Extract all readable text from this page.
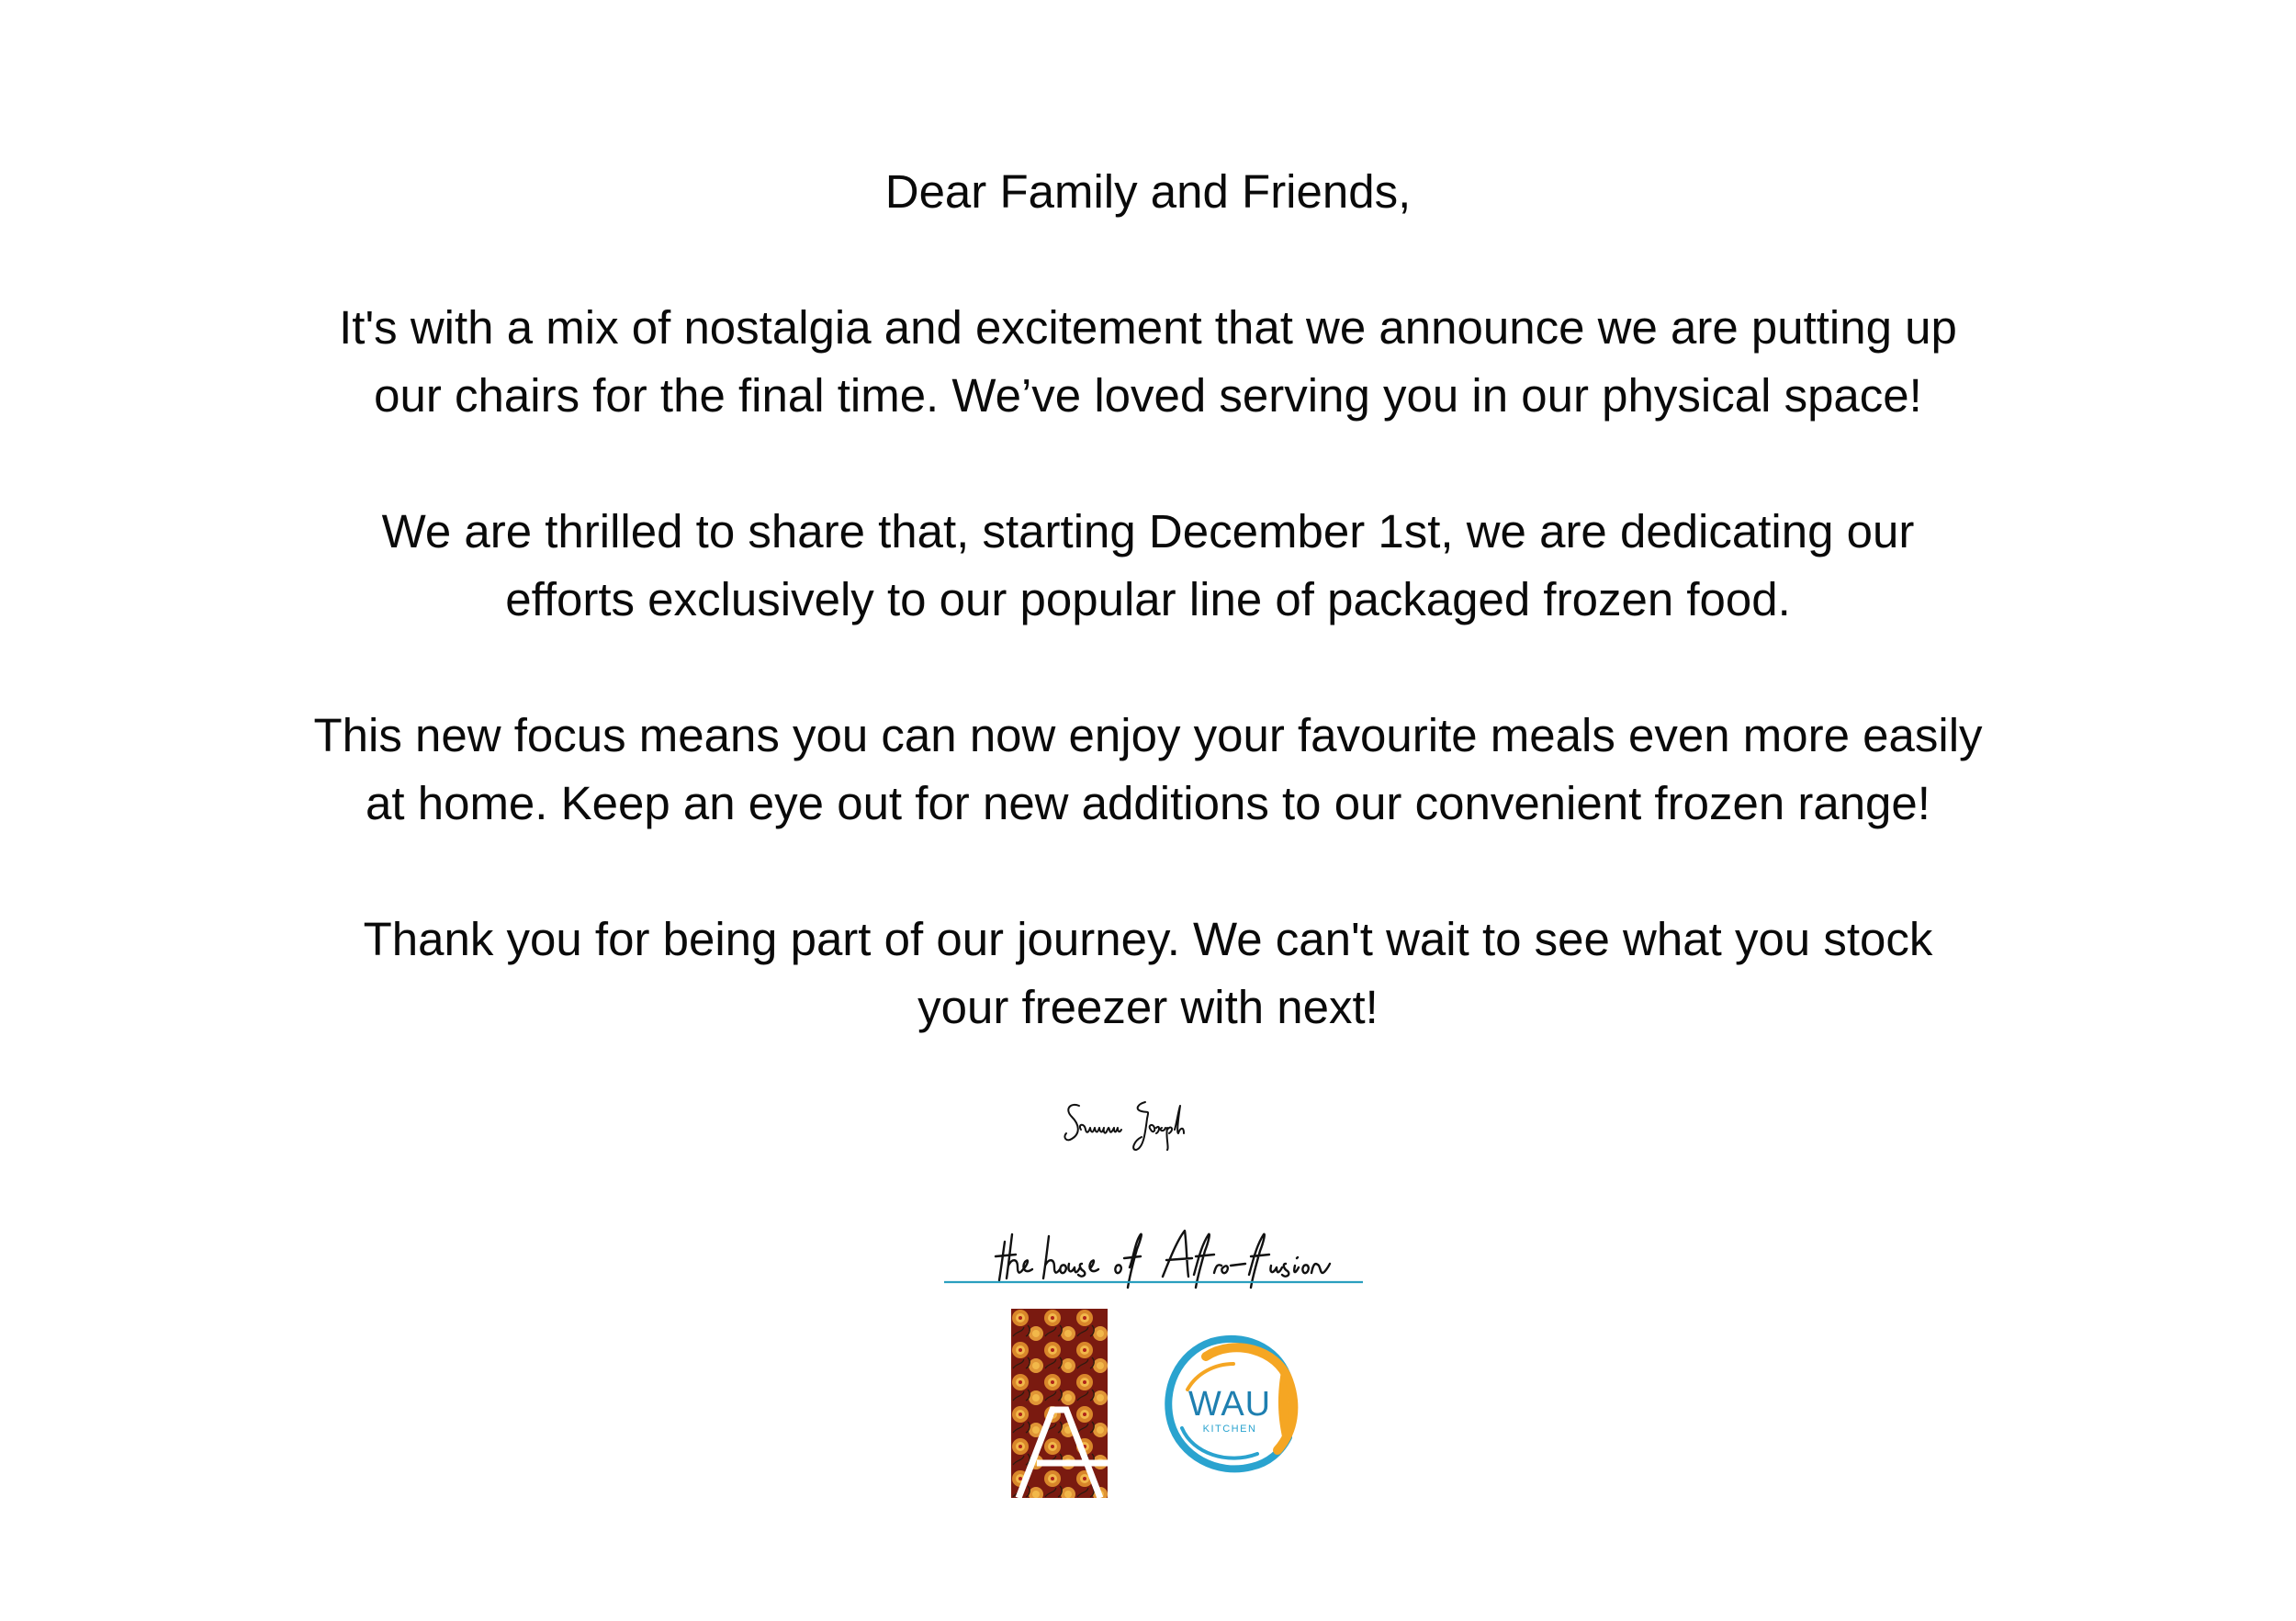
Dear Family and Friends,

It's with a mix of nostalgia and excitement that we announce we are putting up

our chairs for the final time. We’ve loved serving you in our physical space!

We are thrilled to share that, starting December 1st, we are dedicating our

efforts exclusively to our popular line of packaged frozen food.

This new focus means you can now enjoy your favourite meals even more easily

at home. Keep an eye out for new additions to our convenient frozen range!

Thank you for being part of our journey. We can't wait to see what you stock

your freezer with next!

WAU
KITCHEN
